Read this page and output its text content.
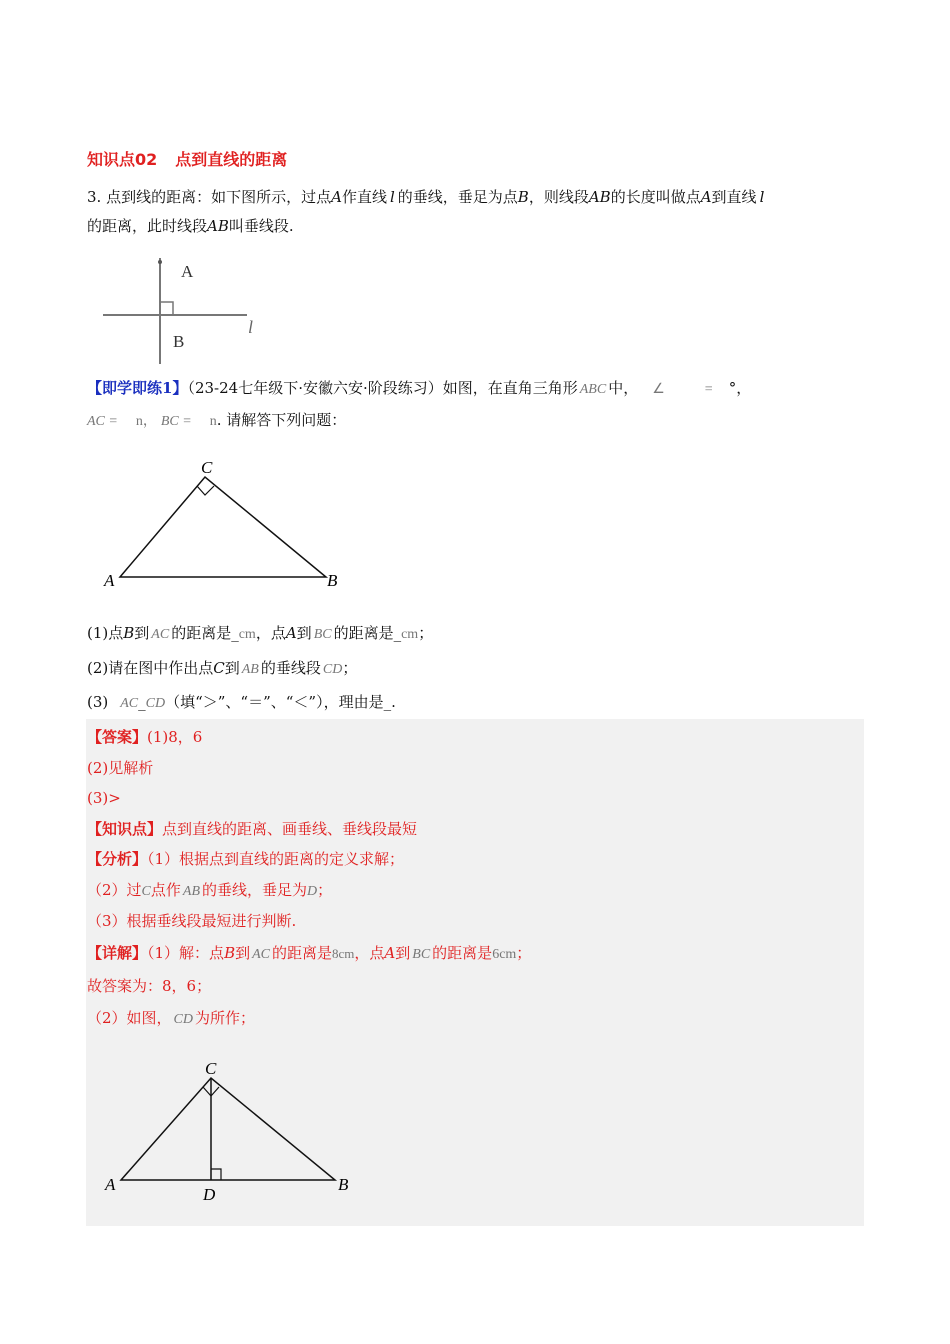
知识点02 点到直线的距离
3. 点到线的距离：如下图所示，过点A作直线 l 的垂线，垂足为点B，则线段AB的长度叫做点A到直线 l
的距离，此时线段AB叫垂线段.
A
B
l
【即学即练1】（23-24七年级下·安徽六安·阶段练习）如图，在直角三角形 ABC 中， ∠	= °，
AC = n， BC = n. 请解答下列问题：
C
A	B
(1)点B到 AC 的距离是_cm，点A到 BC 的距离是_cm；
(2)请在图中作出点C到 AB 的垂线段 CD；
(3) AC_CD（填“＞”、“＝”、“＜”），理由是_.
【答案】(1)8，6
(2)见解析
(3)>
【知识点】点到直线的距离、画垂线、垂线段最短
【分析】（1）根据点到直线的距离的定义求解；
（2）过C点作 AB 的垂线，垂足为D；
（3）根据垂线段最短进行判断.
【详解】（1）解：点B到 AC 的距离是8cm，点A到 BC 的距离是6cm；
故答案为：8，6；
（2）如图， CD 为所作；
C
A
D
B
